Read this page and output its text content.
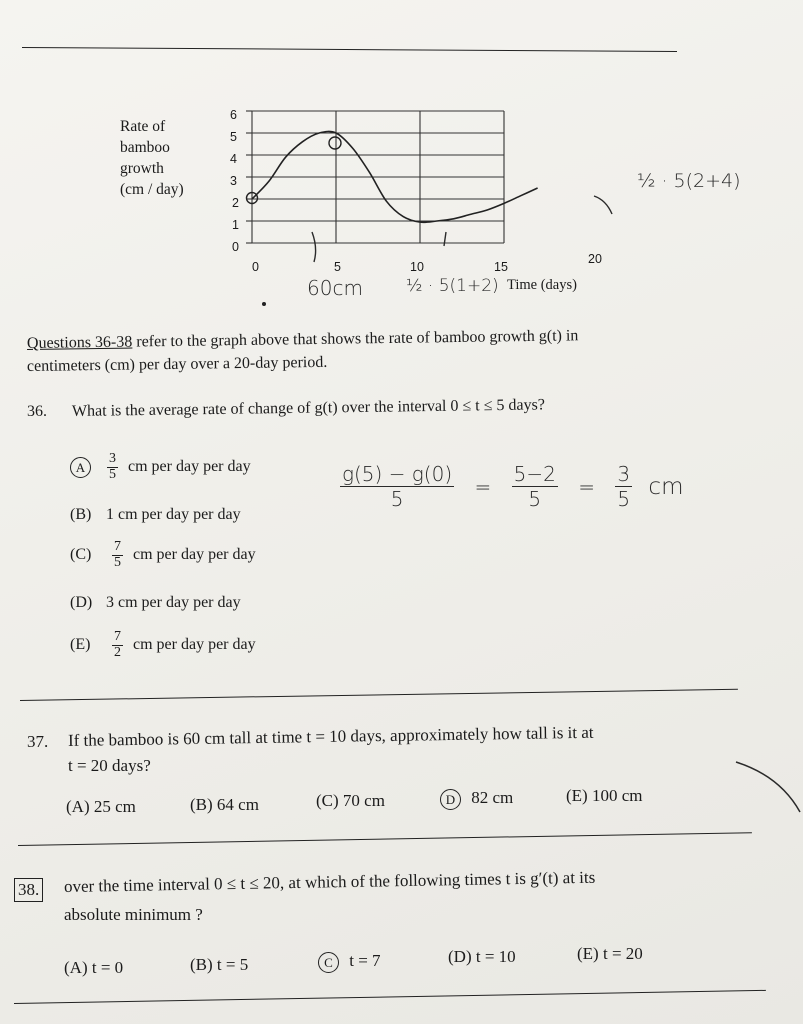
Rate of
bamboo
growth
(cm / day)
6
5
4
3
2
1
0
0	5	10	15
20
Time (days)
½ · 5(2+4)
60cm	½ · 5(1+2)
Questions 36-38 refer to the graph above that shows the rate of bamboo growth g(t) in
centimeters (cm) per day over a 20-day period.
36. What is the average rate of change of g(t) over the interval 0 ≤ t ≤ 5 days?
A $\frac{3}{5}$ cm per day per day
(B) 1 cm per day per day
$(C) \frac{7}{5}$ cm per day per day
(D) 3 cm per day per day
$(E) \frac{7}{2}$ cm per day per day
$\frac{g(5) - g(0)}{5} = \frac{5-2}{5} = \frac{3}{5}$ cm
37. If the bamboo is 60 cm tall at time t = 10 days, approximately how tall is it at
t = 20 days?
(A) 25 cm	(B) 64 cm	(C) 70 cm	D 82 cm	(E) 100 cm
38. over the time interval 0 ≤ t ≤ 20, at which of the following times t is g′(t) at its
absolute minimum ?
(A) t = 0	(B) t = 5	C t = 7	(D) t = 10	(E) t = 20
